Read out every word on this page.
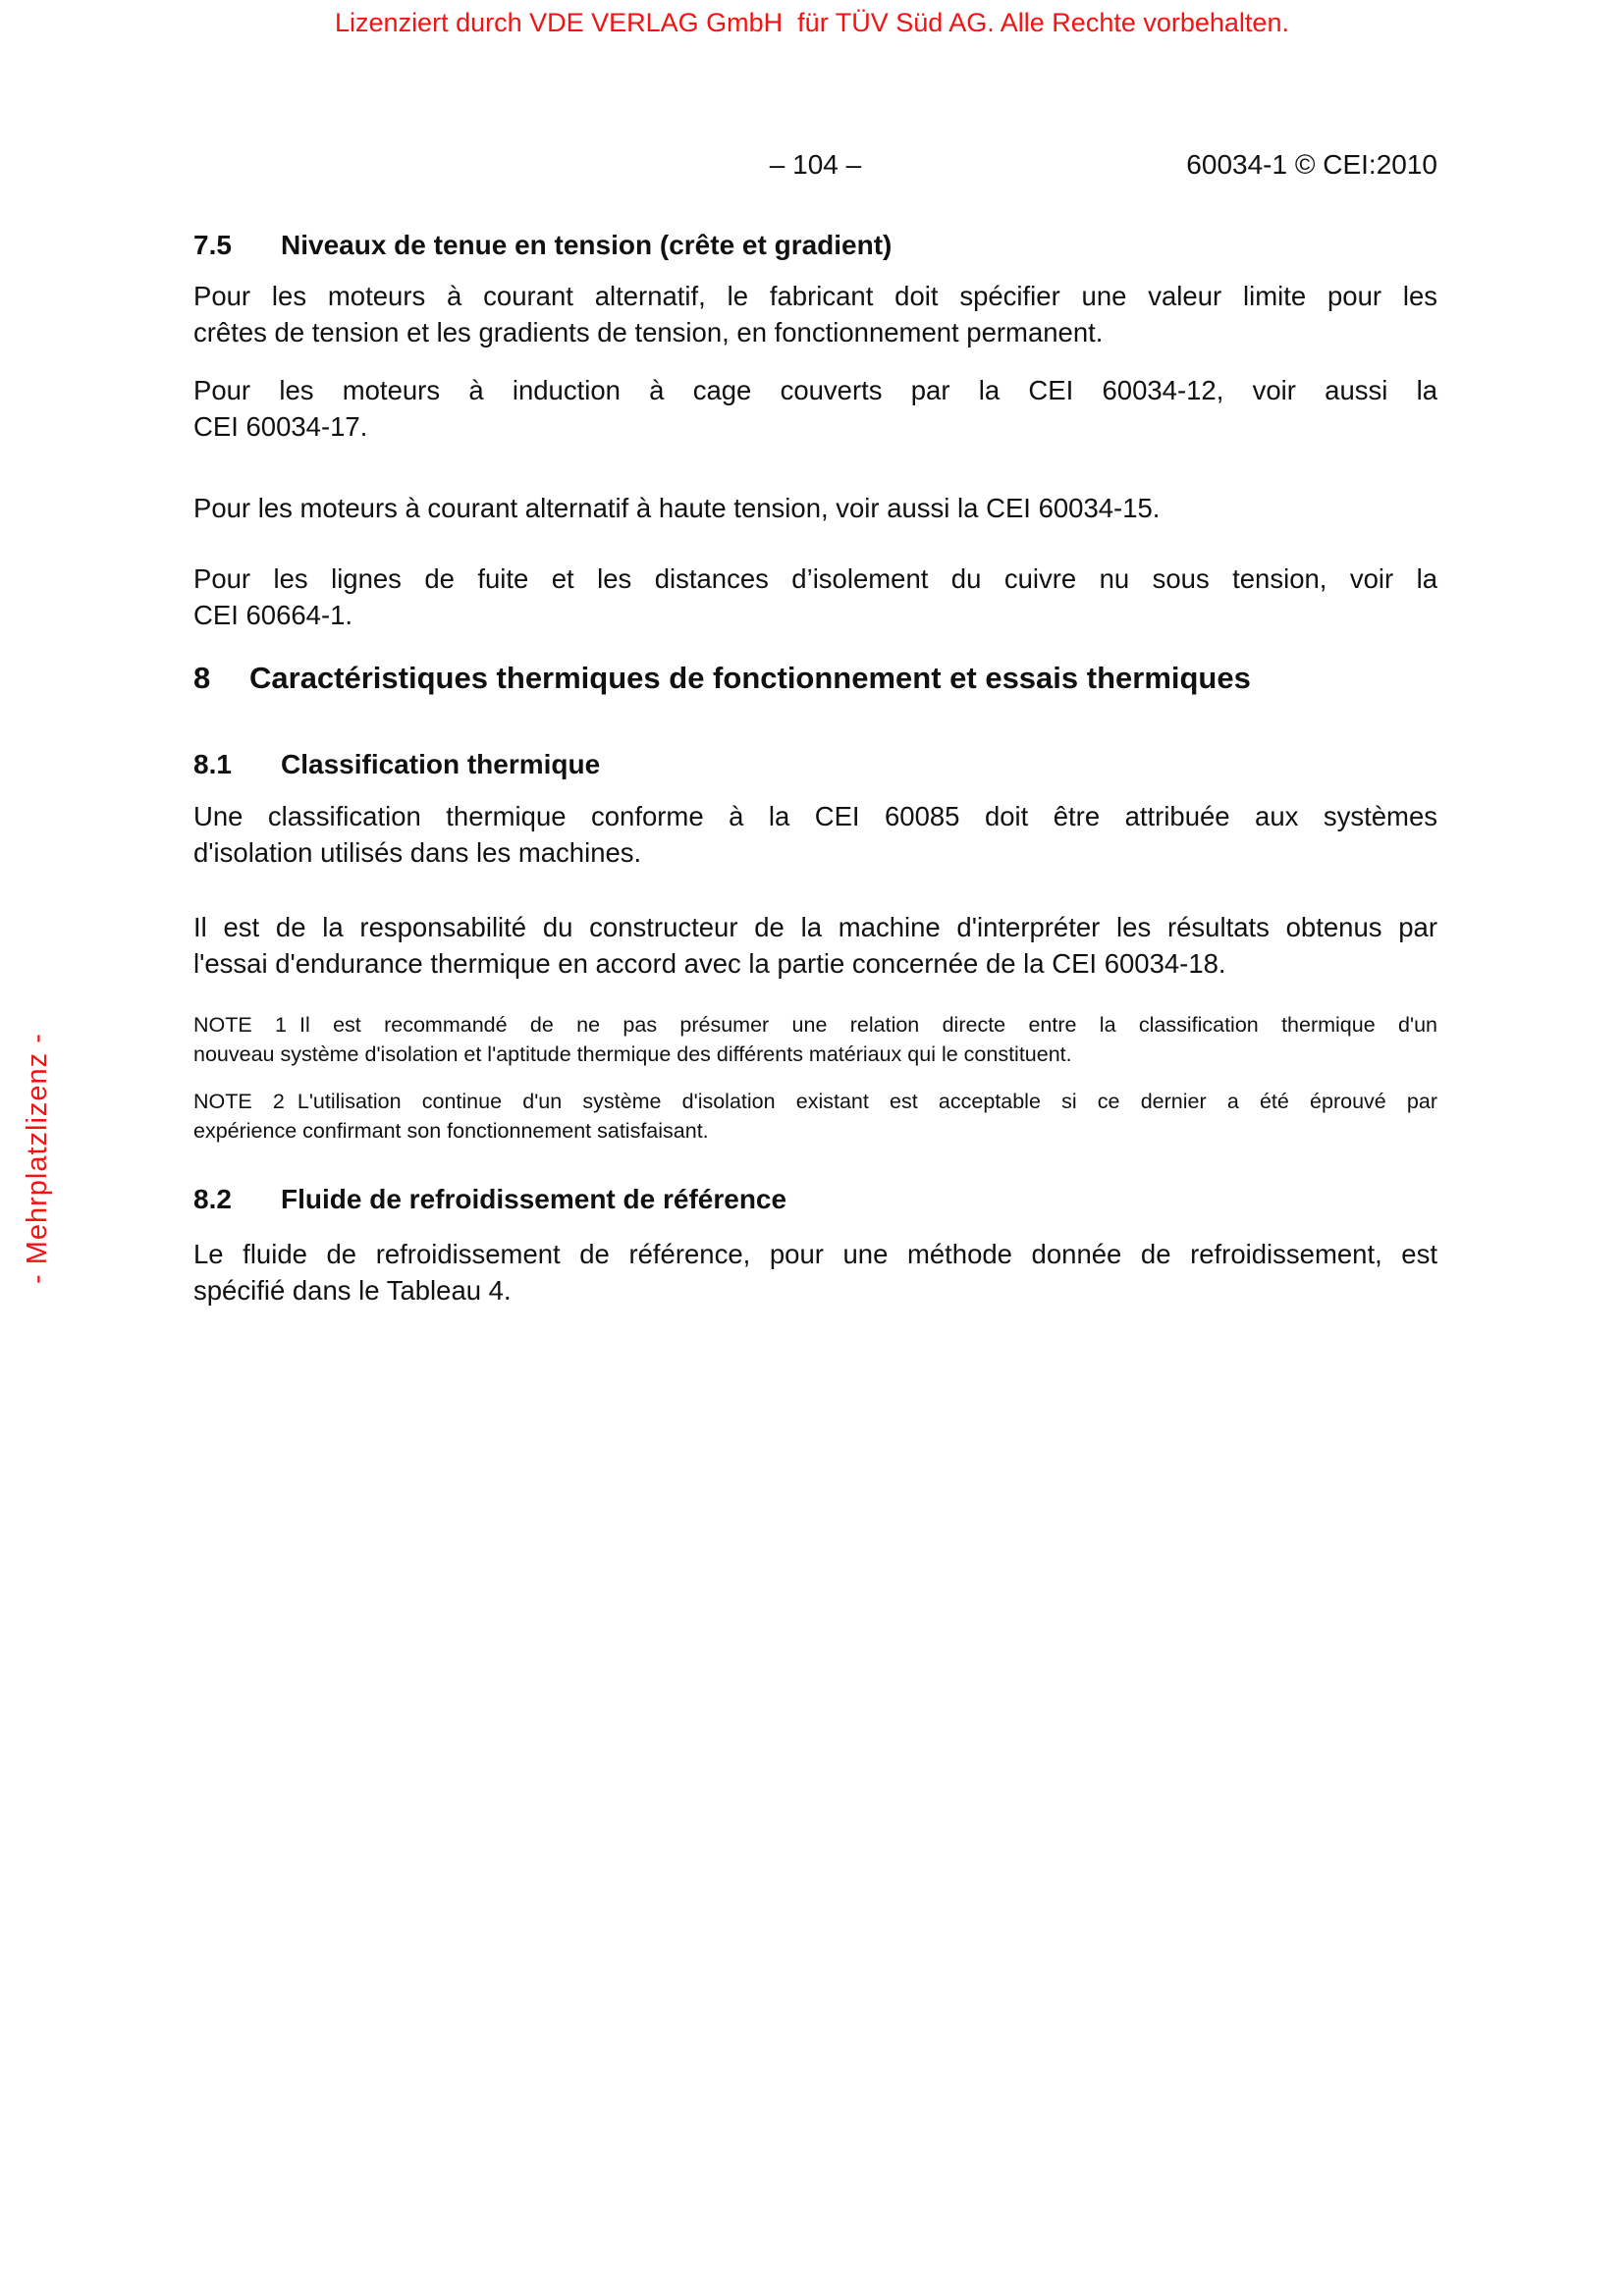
Lizenziert durch VDE VERLAG GmbH  für TÜV Süd AG. Alle Rechte vorbehalten.
- Mehrplatzlizenz -
– 104 –	60034-1 © CEI:2010
7.5 Niveaux de tenue en tension (crête et gradient)
Pour les moteurs à courant alternatif, le fabricant doit spécifier une valeur limite pour les
crêtes de tension et les gradients de tension, en fonctionnement permanent.
Pour les moteurs à induction à cage couverts par la CEI 60034-12, voir aussi la
CEI 60034-17.
Pour les moteurs à courant alternatif à haute tension, voir aussi la CEI 60034-15.
Pour les lignes de fuite et les distances d’isolement du cuivre nu sous tension, voir la
CEI 60664-1.
8 Caractéristiques thermiques de fonctionnement et essais thermiques
8.1 Classification thermique
Une classification thermique conforme à la CEI 60085 doit être attribuée aux systèmes
d'isolation utilisés dans les machines.
Il est de la responsabilité du constructeur de la machine d'interpréter les résultats obtenus par
l'essai d'endurance thermique en accord avec la partie concernée de la CEI 60034-18.
NOTE 1 Il est recommandé de ne pas présumer une relation directe entre la classification thermique d'un
nouveau système d'isolation et l'aptitude thermique des différents matériaux qui le constituent.
NOTE 2 L'utilisation continue d'un système d'isolation existant est acceptable si ce dernier a été éprouvé par
expérience confirmant son fonctionnement satisfaisant.
8.2 Fluide de refroidissement de référence
Le fluide de refroidissement de référence, pour une méthode donnée de refroidissement, est
spécifié dans le Tableau 4.
